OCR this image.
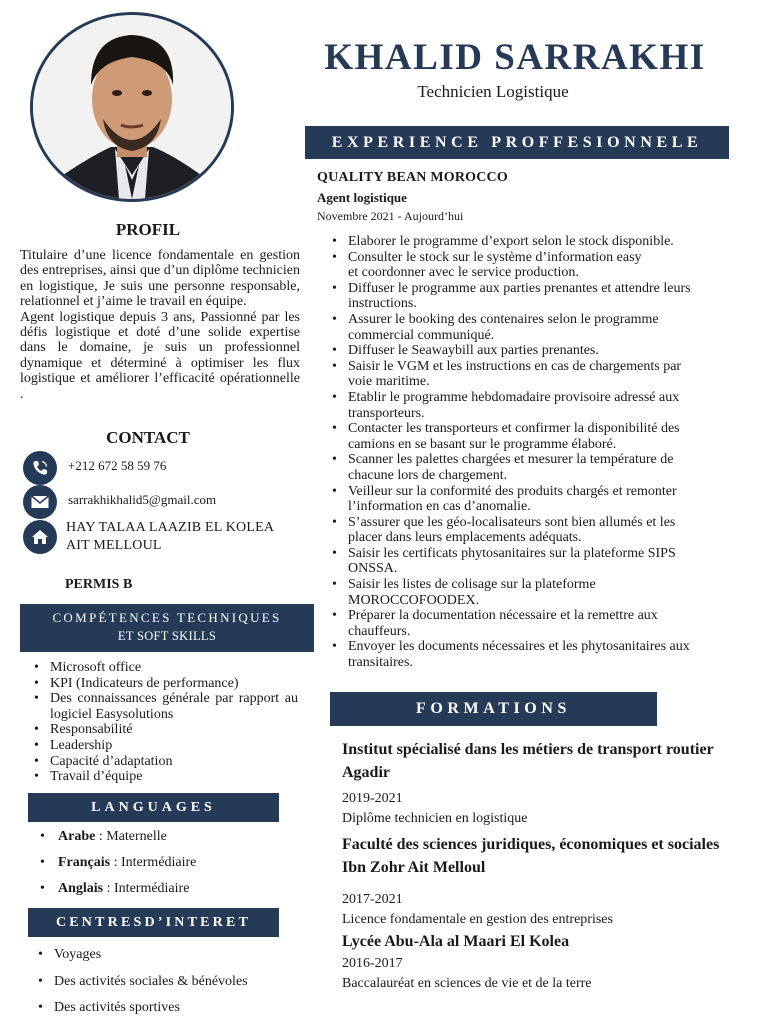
KHALID SARRAKHI
Technicien Logistique
PROFIL

Titulaire d’une licence fondamentale en gestion des entreprises, ainsi que d’un diplôme technicien en logistique, Je suis une personne responsable, relationnel et j’aime le travail en équipe.

Agent logistique depuis 3 ans, Passionné par les défis logistique et doté d’une solide expertise dans le domaine, je suis un professionnel dynamique et déterminé à optimiser les flux logistique et améliorer l’efficacité opérationnelle .

CONTACT
+212 672 58 59 76
sarrakhikhalid5@gmail.com
HAY TALAA LAAZIB EL KOLEA
AIT MELLOUL
PERMIS B
COMPÉTENCES TECHNIQUES
ET SOFT SKILLS
• Microsoft office
• KPI (Indicateurs de performance)
• Des connaissances générale par rapport au logiciel Easysolutions
• Responsabilité
• Leadership
• Capacité d’adaptation
• Travail d’équipe
LANGUAGES
• Arabe : Maternelle
• Français : Intermédiaire
• Anglais : Intermédiaire
CENTRESD’INTERET
• Voyages
• Des activités sociales & bénévoles
• Des activités sportives
EXPERIENCE PROFFESIONNELE
QUALITY BEAN MOROCCO
Agent logistique
Novembre 2021 - Aujourd’hui
• Elaborer le programme d’export selon le stock disponible.
• Consulter le stock sur le système d’information easy
et coordonner avec le service production.
• Diffuser le programme aux parties prenantes et attendre leurs
instructions.
• Assurer le booking des contenaires selon le programme
commercial communiqué.
• Diffuser le Seawaybill aux parties prenantes.
• Saisir le VGM et les instructions en cas de chargements par
voie maritime.
• Etablir le programme hebdomadaire provisoire adressé aux
transporteurs.
• Contacter les transporteurs et confirmer la disponibilité des
camions en se basant sur le programme élaboré.
• Scanner les palettes chargées et mesurer la température de
chacune lors de chargement.
• Veilleur sur la conformité des produits chargés et remonter
l’information en cas d’anomalie.
• S’assurer que les géo-localisateurs sont bien allumés et les
placer dans leurs emplacements adéquats.
• Saisir les certificats phytosanitaires sur la plateforme SIPS
ONSSA.
• Saisir les listes de colisage sur la plateforme
MOROCCOFOODEX.
• Préparer la documentation nécessaire et la remettre aux
chauffeurs.
• Envoyer les documents nécessaires et les phytosanitaires aux
transitaires.
FORMATIONS
Institut spécialisé dans les métiers de transport routier
Agadir
2019-2021
Diplôme technicien en logistique
Faculté des sciences juridiques, économiques et sociales
Ibn Zohr Ait Melloul
2017-2021
Licence fondamentale en gestion des entreprises
Lycée Abu-Ala al Maari El Kolea
2016-2017
Baccalauréat en sciences de vie et de la terre
